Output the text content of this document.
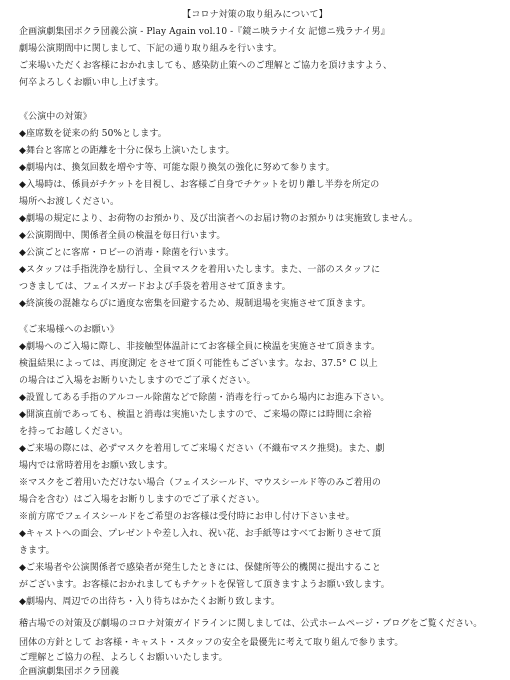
【コロナ対策の取り組みについて】
企画演劇集団ボクラ団義公演 - Play Again vol.10 -『鏡ニ映ラナイ女 記憶ニ残ラナイ男』
劇場公演期間中に関しまして、下記の通り取り組みを行います。
ご来場いただくお客様におかれましても、感染防止策へのご理解とご協力を頂けますよう、
何卒よろしくお願い申し上げます。
《公演中の対策》
◆座席数を従来の約 50%とします。
◆舞台と客席との距離を十分に保ち上演いたします。
◆劇場内は、換気回数を増やす等、可能な限り換気の強化に努めて参ります。
◆入場時は、係員がチケットを目視し、お客様ご自身でチケットを切り離し半券を所定の
場所へお渡しください。
◆劇場の規定により、お荷物のお預かり、及び出演者へのお届け物のお預かりは実施致しません。
◆公演期間中、関係者全員の検温を毎日行います。
◆公演ごとに客席・ロビーの消毒・除菌を行います。
◆スタッフは手指洗浄を励行し、全員マスクを着用いたします。また、一部のスタッフに
つきましては、フェイスガードおよび手袋を着用させて頂きます。
◆終演後の混雑ならびに過度な密集を回避するため、規制退場を実施させて頂きます。
《ご来場様へのお願い》
◆劇場へのご入場に際し、非接触型体温計にてお客様全員に検温を実施させて頂きます。
検温結果によっては、再度測定 をさせて頂く可能性もございます。なお、37.5° C 以上
の場合はご入場をお断りいたしますのでご了承ください。
◆設置してある手指のアルコール除菌などで除菌・消毒を行ってから場内にお進み下さい。
◆開演直前であっても、検温と消毒は実施いたしますので、ご来場の際には時間に余裕
を持ってお越しください。
◆ご来場の際には、必ずマスクを着用してご来場ください（不織布マスク推奨)。また、劇
場内では常時着用をお願い致します。
※マスクをご着用いただけない場合（フェイスシールド、マウスシールド等のみご着用の
場合を含む）はご入場をお断りしますのでご了承ください。
※前方席でフェイスシールドをご希望のお客様は受付時にお申し付け下さいませ。
◆キャストへの面会、プレゼントや差し入れ、祝い花、お手紙等はすべてお断りさせて頂
きます。
◆ご来場者や公演関係者で感染者が発生したときには、保健所等公的機関に提出すること
がございます。お客様におかれましてもチケットを保管して頂きますようお願い致します。
◆劇場内、周辺での出待ち・入り待ちはかたくお断り致します。
稽古場での対策及び劇場のコロナ対策ガイドラインに関しましては、公式ホームページ・ブログをご覧ください。
団体の方針として お客様・キャスト・スタッフの安全を最優先に考えて取り組んで参ります。
ご理解とご協力の程、よろしくお願いいたします。
企画演劇集団ボクラ団義
